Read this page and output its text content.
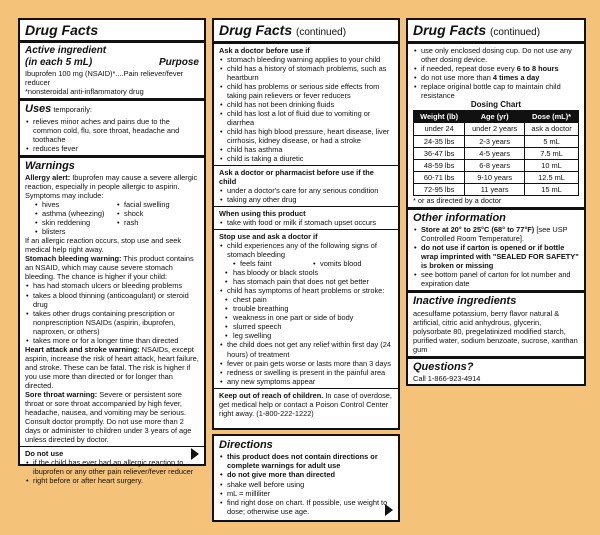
Drug Facts
Active ingredient
(in each 5 mL)	Purpose
Ibuprofen 100 mg (NSAID)*....Pain reliever/fever reducer
*nonsteroidal anti-inflammatory drug
Uses temporarily:
• relieves minor aches and pains due to the common cold, flu, sore throat, headache and toothache
• reduces fever
Warnings
Allergy alert: Ibuprofen may cause a severe allergic reaction, especially in people allergic to aspirin. Symptoms may include:
• hives	• facial swelling
• asthma (wheezing)	• shock
• skin reddening	• rash
• blisters
If an allergic reaction occurs, stop use and seek medical help right away.
Stomach bleeding warning: This product contains an NSAID, which may cause severe stomach bleeding. The chance is higher if your child:
• has had stomach ulcers or bleeding problems
• takes a blood thinning (anticoagulant) or steroid drug
• takes other drugs containing prescription or nonprescription NSAIDs (aspirin, ibuprofen, naproxen, or others)
• takes more or for a longer time than directed
Heart attack and stroke warning: NSAIDs, except aspirin, increase the risk of heart attack, heart failure, and stroke. These can be fatal. The risk is higher if you use more than directed or for longer than directed.
Sore throat warning: Severe or persistent sore throat or sore throat accompanied by high fever, headache, nausea, and vomiting may be serious. Consult doctor promptly. Do not use more than 2 days or administer to children under 3 years of age unless directed by doctor.
Do not use
• if the child has ever had an allergic reaction to ibuprofen or any other pain reliever/fever reducer
• right before or after heart surgery.
Drug Facts (continued)
Ask a doctor before use if
• stomach bleeding warning applies to your child
• child has a history of stomach problems, such as heartburn
• child has problems or serious side effects from taking pain relievers or fever reducers
• child has not been drinking fluids
• child has lost a lot of fluid due to vomiting or diarrhea
• child has high blood pressure, heart disease, liver cirrhosis, kidney disease, or had a stroke
• child has asthma
• child is taking a diuretic
Ask a doctor or pharmacist before use if the child
• under a doctor's care for any serious condition
• taking any other drug
When using this product
• take with food or milk if stomach upset occurs
Stop use and ask a doctor if
• child experiences any of the following signs of stomach bleeding
• feels faint	• vomits blood
• has bloody or black stools
• has stomach pain that does not get better
• child has symptoms of heart problems or stroke:
• chest pain
• trouble breathing
• weakness in one part or side of body
• slurred speech
• leg swelling
• the child does not get any relief within first day (24 hours) of treatment
• fever or pain gets worse or lasts more than 3 days
• redness or swelling is present in the painful area
• any new symptoms appear
Keep out of reach of children. In case of overdose, get medical help or contact a Poison Control Center right away. (1-800-222-1222)
Directions
• this product does not contain directions or complete warnings for adult use
• do not give more than directed
• shake well before using
• mL = milliliter
• find right dose on chart. If possible, use weight to dose; otherwise use age.
Drug Facts (continued)
• use only enclosed dosing cup. Do not use any other dosing device.
• if needed, repeat dose every 6 to 8 hours
• do not use more than 4 times a day
• replace original bottle cap to maintain child resistance
Dosing Chart
Weight (lb)	Age (yr)	Dose (mL)*
under 24	under 2 years	ask a doctor
24-35 lbs	2-3 years	5 mL
36-47 lbs	4-5 years	7.5 mL
48-59 lbs	6-8 years	10 mL
60-71 lbs	9-10 years	12.5 mL
72-95 lbs	11 years	15 mL
* or as directed by a doctor
Other information
• Store at 20° to 25°C (68° to 77°F) [see USP Controlled Room Temperature].
• do not use if carton is opened or if bottle wrap imprinted with "SEALED FOR SAFETY" is broken or missing
• see bottom panel of carton for lot number and expiration date
Inactive ingredients
acesulfame potassium, berry flavor natural & artificial, citric acid anhydrous, glycerin, polysorbate 80, pregelatinized modified starch, purified water, sodium benzoate, sucrose, xanthan gum
Questions?
Call 1-866-923-4914
